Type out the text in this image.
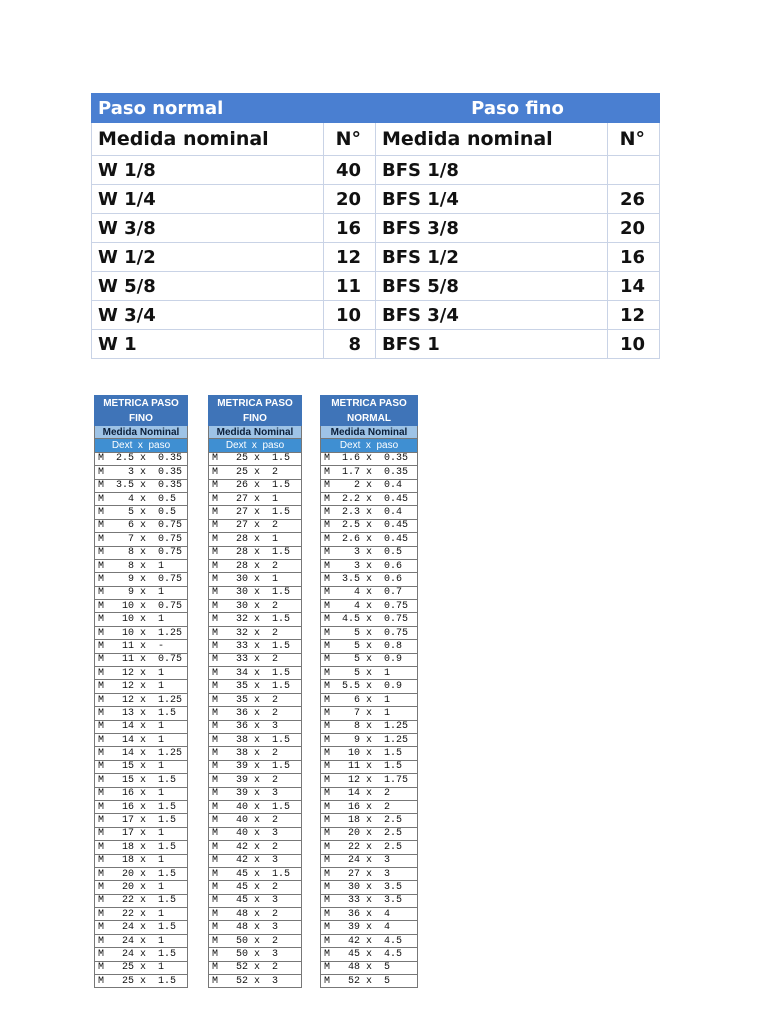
Paso normal		Paso fino	
Medida nominal	N°	Medida nominal	N°
W 1/8	40	BFS 1/8	
W 1/4	20	BFS 1/4	26
W 3/8	16	BFS 3/8	20
W 1/2	12	BFS 1/2	16
W 5/8	11	BFS 5/8	14
W 3/4	10	BFS 3/4	12
W 1	8	BFS 1	10
METRICA PASO
FINO
Medida Nominal
Dext  x  paso
M  2.5 x  0.35
M    3 x  0.35
M  3.5 x  0.35
M    4 x  0.5
M    5 x  0.5
M    6 x  0.75
M    7 x  0.75
M    8 x  0.75
M    8 x  1
M    9 x  0.75
M    9 x  1
M   10 x  0.75
M   10 x  1
M   10 x  1.25
M   11 x  -
M   11 x  0.75
M   12 x  1
M   12 x  1
M   12 x  1.25
M   13 x  1.5
M   14 x  1
M   14 x  1
M   14 x  1.25
M   15 x  1
M   15 x  1.5
M   16 x  1
M   16 x  1.5
M   17 x  1.5
M   17 x  1
M   18 x  1.5
M   18 x  1
M   20 x  1.5
M   20 x  1
M   22 x  1.5
M   22 x  1
M   24 x  1.5
M   24 x  1
M   24 x  1.5
M   25 x  1
M   25 x  1.5
METRICA PASO
FINO
Medida Nominal
Dext  x  paso
M   25 x  1.5
M   25 x  2
M   26 x  1.5
M   27 x  1
M   27 x  1.5
M   27 x  2
M   28 x  1
M   28 x  1.5
M   28 x  2
M   30 x  1
M   30 x  1.5
M   30 x  2
M   32 x  1.5
M   32 x  2
M   33 x  1.5
M   33 x  2
M   34 x  1.5
M   35 x  1.5
M   35 x  2
M   36 x  2
M   36 x  3
M   38 x  1.5
M   38 x  2
M   39 x  1.5
M   39 x  2
M   39 x  3
M   40 x  1.5
M   40 x  2
M   40 x  3
M   42 x  2
M   42 x  3
M   45 x  1.5
M   45 x  2
M   45 x  3
M   48 x  2
M   48 x  3
M   50 x  2
M   50 x  3
M   52 x  2
M   52 x  3
METRICA PASO
NORMAL
Medida Nominal
Dext  x  paso
M  1.6 x  0.35
M  1.7 x  0.35
M    2 x  0.4
M  2.2 x  0.45
M  2.3 x  0.4
M  2.5 x  0.45
M  2.6 x  0.45
M    3 x  0.5
M    3 x  0.6
M  3.5 x  0.6
M    4 x  0.7
M    4 x  0.75
M  4.5 x  0.75
M    5 x  0.75
M    5 x  0.8
M    5 x  0.9
M    5 x  1
M  5.5 x  0.9
M    6 x  1
M    7 x  1
M    8 x  1.25
M    9 x  1.25
M   10 x  1.5
M   11 x  1.5
M   12 x  1.75
M   14 x  2
M   16 x  2
M   18 x  2.5
M   20 x  2.5
M   22 x  2.5
M   24 x  3
M   27 x  3
M   30 x  3.5
M   33 x  3.5
M   36 x  4
M   39 x  4
M   42 x  4.5
M   45 x  4.5
M   48 x  5
M   52 x  5
